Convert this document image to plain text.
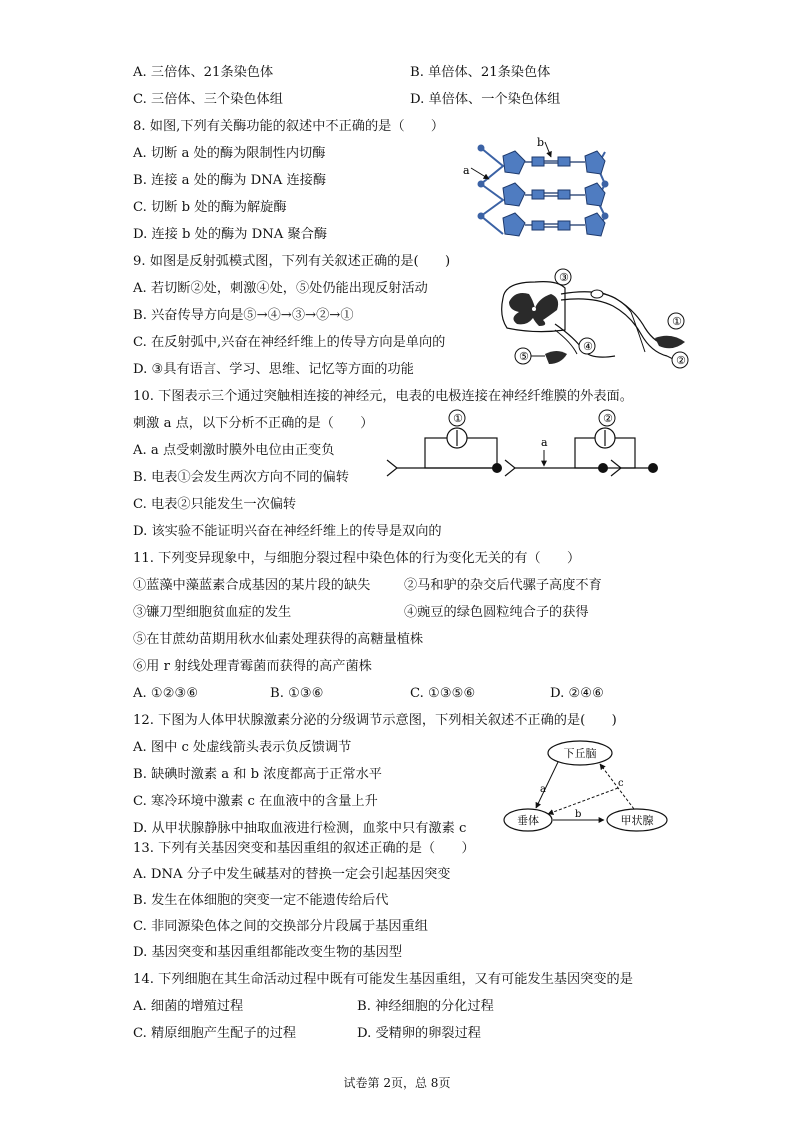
A. 三倍体、21条染色体	B. 单倍体、21条染色体
C. 三倍体、三个染色体组	D. 单倍体、一个染色体组
8. 如图,下列有关酶功能的叙述中不正确的是（　　）
A. 切断 a 处的酶为限制性内切酶
B. 连接 a 处的酶为 DNA 连接酶
C. 切断 b 处的酶为解旋酶
D. 连接 b 处的酶为 DNA 聚合酶
a
b
9. 如图是反射弧模式图，下列有关叙述正确的是(　　)
A. 若切断②处，刺激④处，⑤处仍能出现反射活动
B. 兴奋传导方向是⑤→④→③→②→①
C. 在反射弧中,兴奋在神经纤维上的传导方向是单向的
D. ③具有语言、学习、思维、记忆等方面的功能
③
①
②
④
⑤
10. 下图表示三个通过突触相连接的神经元，电表的电极连接在神经纤维膜的外表面。
刺激 a 点，以下分析不正确的是（　　）
A. a 点受刺激时膜外电位由正变负
B. 电表①会发生两次方向不同的偏转
C. 电表②只能发生一次偏转
D. 该实验不能证明兴奋在神经纤维上的传导是双向的
①	②
a
11. 下列变异现象中，与细胞分裂过程中染色体的行为变化无关的有（　　）
①蓝藻中藻蓝素合成基因的某片段的缺失	②马和驴的杂交后代骡子高度不育
③镰刀型细胞贫血症的发生	④豌豆的绿色圆粒纯合子的获得
⑤在甘蔗幼苗期用秋水仙素处理获得的高糖量植株
⑥用 r 射线处理青霉菌而获得的高产菌株
A. ①②③⑥	B. ①③⑥	C. ①③⑤⑥	D. ②④⑥
12. 下图为人体甲状腺激素分泌的分级调节示意图，下列相关叙述不正确的是(　　)
A. 图中 c 处虚线箭头表示负反馈调节
B. 缺碘时激素 a 和 b 浓度都高于正常水平
C. 寒冷环境中激素 c 在血液中的含量上升
D. 从甲状腺静脉中抽取血液进行检测，血浆中只有激素 c
下丘脑
垂体	甲状腺
a
b
c
13. 下列有关基因突变和基因重组的叙述正确的是（　　）
A. DNA 分子中发生碱基对的替换一定会引起基因突变
B. 发生在体细胞的突变一定不能遗传给后代
C. 非同源染色体之间的交换部分片段属于基因重组
D. 基因突变和基因重组都能改变生物的基因型
14. 下列细胞在其生命活动过程中既有可能发生基因重组，又有可能发生基因突变的是
A. 细菌的增殖过程	B. 神经细胞的分化过程
C. 精原细胞产生配子的过程	D. 受精卵的卵裂过程
试卷第 2页，总 8页
